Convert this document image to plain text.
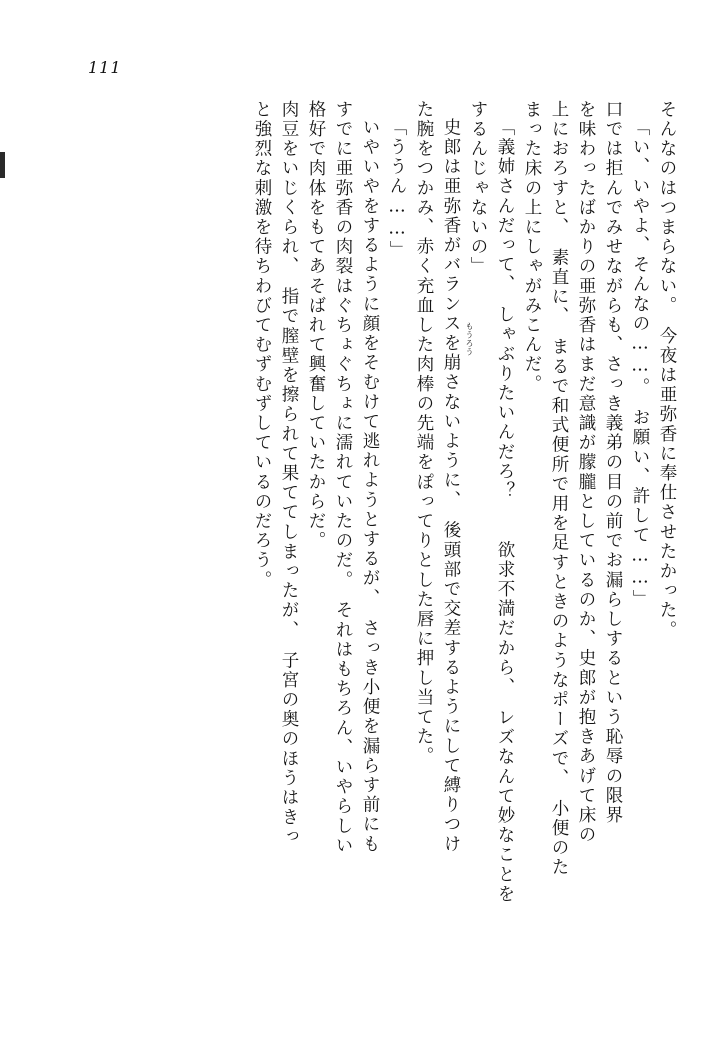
111
そんなのはつまらない。　今夜は亜弥香に奉仕させたかった。
「い、いやよ、そんなの……。　お願い、許して……」
口では拒んでみせながらも、さっき義弟の目の前でお漏らしするという恥辱の限界
を味わったばかりの亜弥香はまだ意識が朦朧としているのか、史郎が抱きあげて床の
上におろすと、　素直に、　まるで和式便所で用を足すときのようなポーズで、　小便のた
まった床の上にしゃがみこんだ。
「義姉さんだって、　しゃぶりたいんだろ？　　欲求不満だから、　レズなんて妙なことを
するんじゃないの」
史郎は亜弥香がバランスを崩さないように、　後頭部で交差するようにして縛りつけ
た腕をつかみ、赤く充血した肉棒の先端をぽってりとした唇に押し当てた。
「ううん……」
いやいやをするように顔をそむけて逃れようとするが、　さっき小便を漏らす前にも
すでに亜弥香の肉裂はぐちょぐちょに濡れていたのだ。　それはもちろん、いやらしい
格好で肉体をもてあそばれて興奮していたからだ。
肉豆をいじくられ、　指で膣壁を擦られて果ててしまったが、　子宮の奥のほうはきっ
と強烈な刺激を待ちわびてむずむずしているのだろう。	もうろう
